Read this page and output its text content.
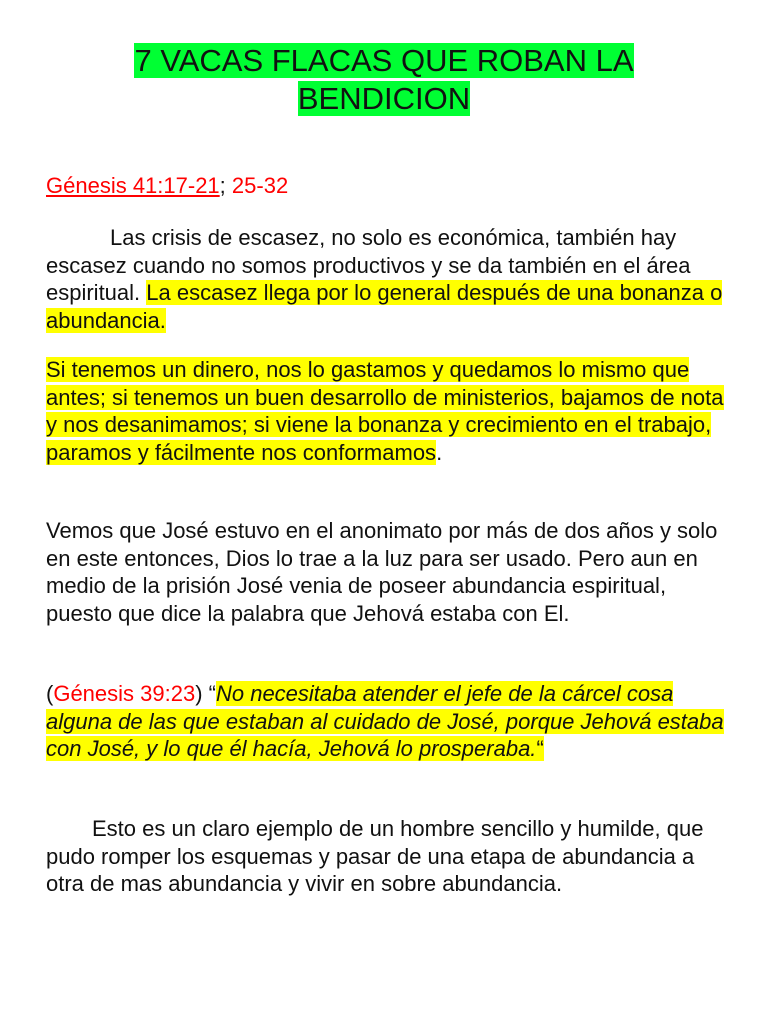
7 VACAS FLACAS QUE ROBAN LA
BENDICION

Génesis 41:17-21; 25-32

Las crisis de escasez, no solo es económica, también hay escasez cuando no somos productivos y se da también en el área espiritual. La escasez llega por lo general después de una bonanza o abundancia.

Si tenemos un dinero, nos lo gastamos y quedamos lo mismo que antes; si tenemos un buen desarrollo de ministerios, bajamos de nota y nos desanimamos; si viene la bonanza y crecimiento en el trabajo, paramos y fácilmente nos conformamos.

Vemos que José estuvo en el anonimato por más de dos años y solo en este entonces, Dios lo trae a la luz para ser usado. Pero aun en medio de la prisión José venia de poseer abundancia espiritual, puesto que dice la palabra que Jehová estaba con El.

(Génesis 39:23) “No necesitaba atender el jefe de la cárcel cosa alguna de las que estaban al cuidado de José, porque Jehová estaba con José, y lo que él hacía, Jehová lo prosperaba.“

Esto es un claro ejemplo de un hombre sencillo y humilde, que pudo romper los esquemas y pasar de una etapa de abundancia a otra de mas abundancia y vivir en sobre abundancia.
